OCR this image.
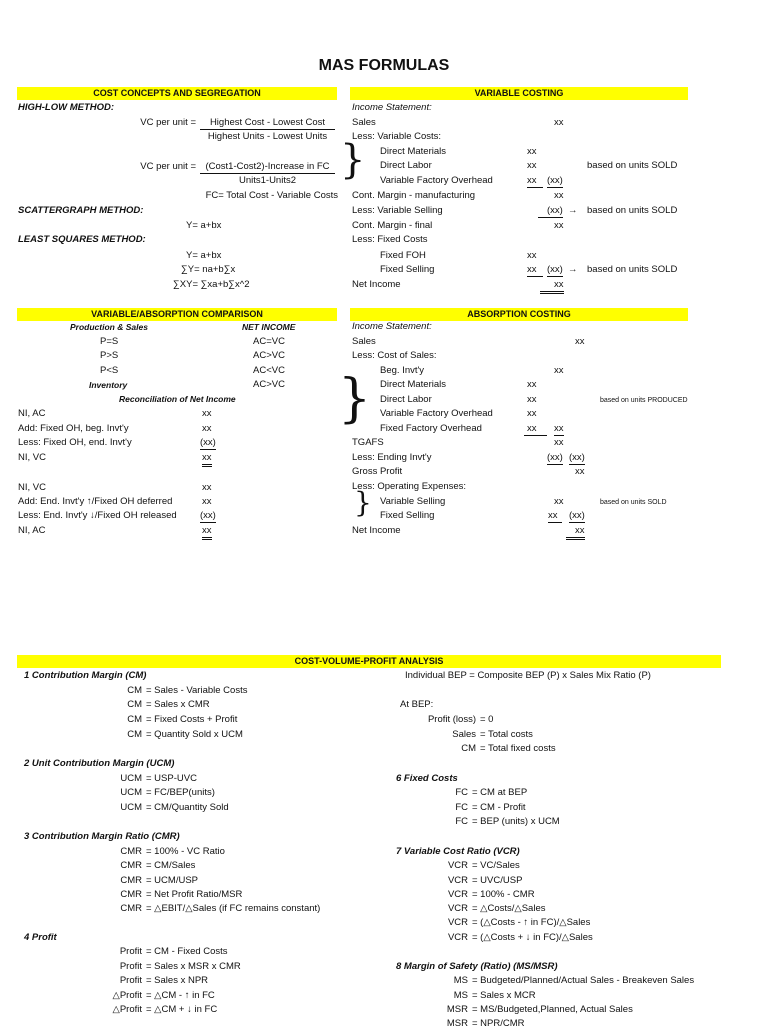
MAS FORMULAS
COST CONCEPTS AND SEGREGATION
HIGH-LOW METHOD:
VC per unit =	Highest Cost - Lowest Cost
Highest Units - Lowest Units
VC per unit = (Cost1-Cost2)-Increase in FC
Units1-Units2
FC= Total Cost - Variable Costs
SCATTERGRAPH METHOD:
Y= a+bx
LEAST SQUARES METHOD:
Y= a+bx
∑Y= na+b∑x
∑XY= ∑xa+b∑x^2
VARIABLE COSTING
Income Statement:
Sales	xx
Less: Variable Costs:
} Direct Materials	xx
Direct Labor	xx	based on units SOLD
Variable Factory Overhead	xx	(xx)
Cont. Margin - manufacturing	xx
Less: Variable Selling	(xx) → based on units SOLD
Cont. Margin - final	xx
Less: Fixed Costs
Fixed FOH	xx
Fixed Selling	xx	(xx) → based on units SOLD
Net Income	xx
VARIABLE/ABSORPTION COMPARISON
Production & Sales	NET INCOME
P=S	AC=VC
P>S	AC>VC
P<S	AC<VC
Inventory	AC>VC
Reconciliation of Net Income
NI, AC	xx
Add: Fixed OH, beg. Invt'y	xx
Less: Fixed OH, end. Invt'y	(xx)
NI, VC	xx
NI, VC	xx
Add: End. Invt'y ↑/Fixed OH deferred	xx
Less: End. Invt'y ↓/Fixed OH released (xx)
NI, AC	xx
ABSORPTION COSTING
Income Statement:
Sales	xx
Less: Cost of Sales:
Beg. Invt'y	xx
} Direct Materials	xx
Direct Labor	xx	based on units PRODUCED
Variable Factory Overhead	xx
Fixed Factory Overhead	xx	xx
TGAFS	xx
Less: Ending Invt'y	(xx) (xx)
Gross Profit	xx
Less: Operating Expenses:
} Variable Selling	xx	based on units SOLD
Fixed Selling	xx	(xx)
Net Income	xx
COST-VOLUME-PROFIT ANALYSIS
1 Contribution Margin (CM)
CM = Sales - Variable Costs
CM = Sales x CMR
CM = Fixed Costs + Profit
CM = Quantity Sold x UCM
2 Unit Contribution Margin (UCM)
UCM = USP-UVC
UCM = FC/BEP(units)
UCM = CM/Quantity Sold
3 Contribution Margin Ratio (CMR)
CMR = 100% - VC Ratio
CMR = CM/Sales
CMR = UCM/USP
CMR = Net Profit Ratio/MSR
CMR = △EBIT/△Sales (if FC remains constant)
4 Profit
Profit = CM - Fixed Costs
Profit = Sales x MSR x CMR
Profit = Sales x NPR
△Profit = △CM - ↑ in FC
△Profit = △CM + ↓ in FC
Individual BEP = Composite BEP (P) x Sales Mix Ratio (P)
At BEP:
Profit (loss) = 0
Sales = Total costs
CM = Total fixed costs
6 Fixed Costs
FC = CM at BEP
FC = CM - Profit
FC = BEP (units) x UCM
7 Variable Cost Ratio (VCR)
VCR = VC/Sales
VCR = UVC/USP
VCR = 100% - CMR
VCR = △Costs/△Sales
VCR = (△Costs - ↑ in FC)/△Sales
VCR = (△Costs + ↓ in FC)/△Sales
8 Margin of Safety (Ratio) (MS/MSR)
MS = Budgeted/Planned/Actual Sales - Breakeven Sales
MS = Sales x MCR
MSR = MS/Budgeted,Planned, Actual Sales
MSR = NPR/CMR
